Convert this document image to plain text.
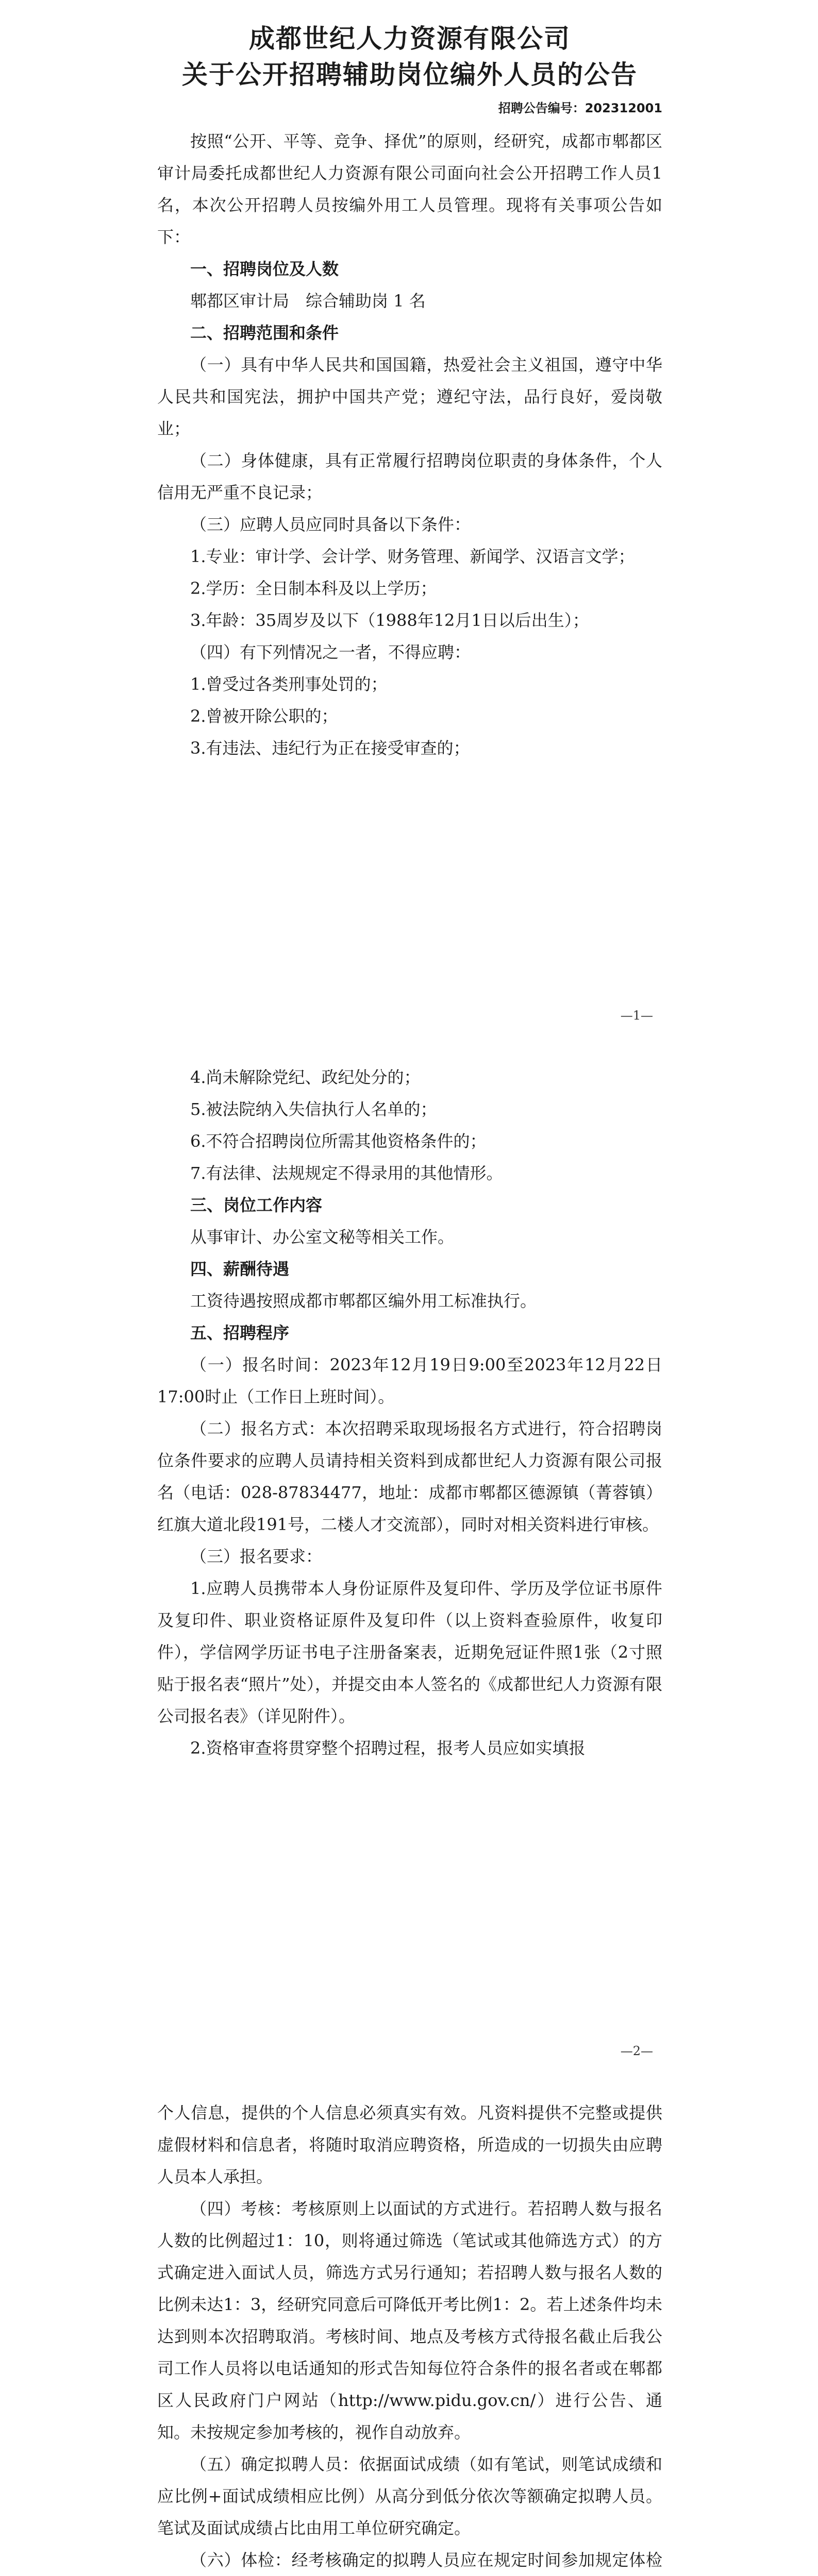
成都世纪人力资源有限公司
关于公开招聘辅助岗位编外人员的公告
招聘公告编号：202312001

按照“公开、平等、竞争、择优”的原则，经研究，成都市郫都区审计局委托成都世纪人力资源有限公司面向社会公开招聘工作人员1名，本次公开招聘人员按编外用工人员管理。现将有关事项公告如下：

一、招聘岗位及人数

郫都区审计局　综合辅助岗 1 名

二、招聘范围和条件

（一）具有中华人民共和国国籍，热爱社会主义祖国，遵守中华人民共和国宪法，拥护中国共产党；遵纪守法，品行良好，爱岗敬业；

（二）身体健康，具有正常履行招聘岗位职责的身体条件，个人信用无严重不良记录；

（三）应聘人员应同时具备以下条件：

1.专业：审计学、会计学、财务管理、新闻学、汉语言文学；

2.学历：全日制本科及以上学历；

3.年龄：35周岁及以下（1988年12月1日以后出生）；

（四）有下列情况之一者，不得应聘：

1.曾受过各类刑事处罚的；

2.曾被开除公职的；

3.有违法、违纪行为正在接受审查的；

—1—

4.尚未解除党纪、政纪处分的；

5.被法院纳入失信执行人名单的；

6.不符合招聘岗位所需其他资格条件的；

7.有法律、法规规定不得录用的其他情形。

三、岗位工作内容

从事审计、办公室文秘等相关工作。

四、薪酬待遇

工资待遇按照成都市郫都区编外用工标准执行。

五、招聘程序

（一）报名时间：2023年12月19日9:00至2023年12月22日17:00时止（工作日上班时间）。

（二）报名方式：本次招聘采取现场报名方式进行，符合招聘岗位条件要求的应聘人员请持相关资料到成都世纪人力资源有限公司报名（电话：028-87834477，地址：成都市郫都区德源镇（菁蓉镇）红旗大道北段191号，二楼人才交流部），同时对相关资料进行审核。

（三）报名要求：

1.应聘人员携带本人身份证原件及复印件、学历及学位证书原件及复印件、职业资格证原件及复印件（以上资料查验原件，收复印件），学信网学历证书电子注册备案表，近期免冠证件照1张（2寸照贴于报名表“照片”处），并提交由本人签名的《成都世纪人力资源有限公司报名表》（详见附件）。

2.资格审查将贯穿整个招聘过程，报考人员应如实填报

—2—

个人信息，提供的个人信息必须真实有效。凡资料提供不完整或提供虚假材料和信息者，将随时取消应聘资格，所造成的一切损失由应聘人员本人承担。

（四）考核：考核原则上以面试的方式进行。若招聘人数与报名人数的比例超过1：10，则将通过筛选（笔试或其他筛选方式）的方式确定进入面试人员，筛选方式另行通知；若招聘人数与报名人数的比例未达1：3，经研究同意后可降低开考比例1：2。若上述条件均未达到则本次招聘取消。考核时间、地点及考核方式待报名截止后我公司工作人员将以电话通知的形式告知每位符合条件的报名者或在郫都区人民政府门户网站（http://www.pidu.gov.cn/）进行公告、通知。未按规定参加考核的，视作自动放弃。

（五）确定拟聘人员：依据面试成绩（如有笔试，则笔试成绩和应比例+面试成绩相应比例）从高分到低分依次等额确定拟聘人员。笔试及面试成绩占比由用工单位研究确定。

（六）体检：经考核确定的拟聘人员应在规定时间参加规定体检
